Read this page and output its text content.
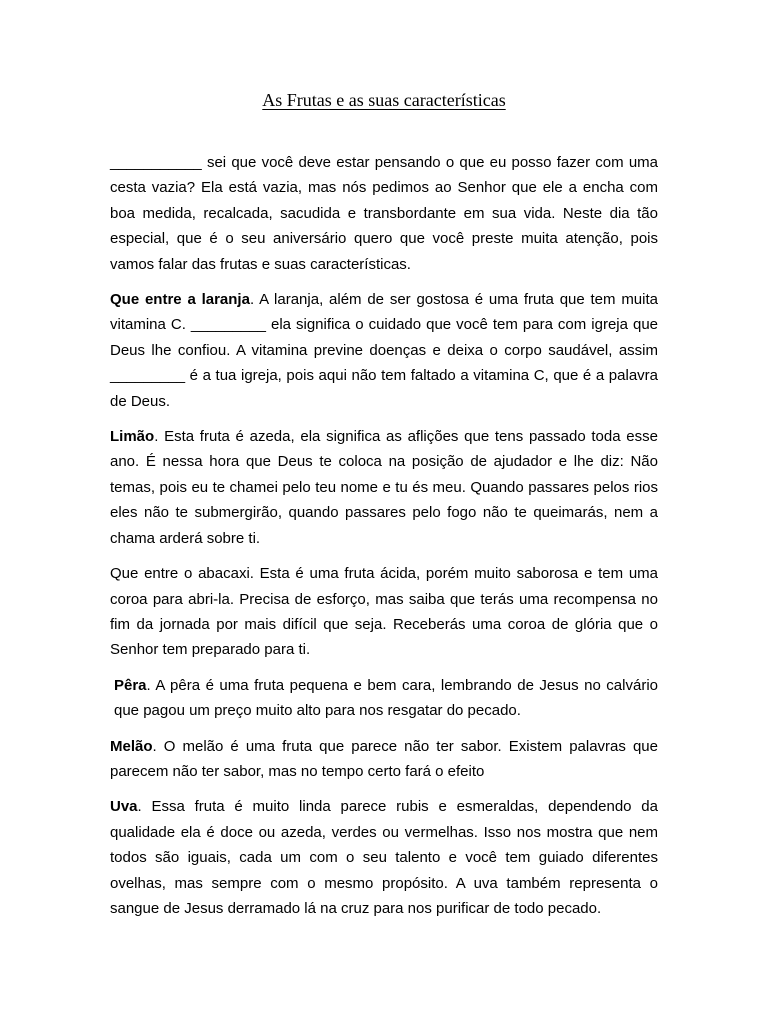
As Frutas e as suas características

___________ sei que você deve estar pensando o que eu posso fazer com uma cesta vazia? Ela está vazia, mas nós pedimos ao Senhor que ele a encha com boa medida, recalcada, sacudida e transbordante em sua vida. Neste dia tão especial, que é o seu aniversário quero que você preste muita atenção, pois vamos falar das frutas e suas características.

Que entre a laranja. A laranja, além de ser gostosa é uma fruta que tem muita vitamina C. _________ ela significa o cuidado que você tem para com igreja que Deus lhe confiou. A vitamina previne doenças e deixa o corpo saudável, assim _________ é a tua igreja, pois aqui não tem faltado a vitamina C, que é a palavra de Deus.

Limão. Esta fruta é azeda, ela significa as aflições que tens passado toda esse ano. É nessa hora que Deus te coloca na posição de ajudador e lhe diz: Não temas, pois eu te chamei pelo teu nome e tu és meu. Quando passares pelos rios eles não te submergirão, quando passares pelo fogo não te queimarás, nem a chama arderá sobre ti.

Que entre o abacaxi. Esta é uma fruta ácida, porém muito saborosa e tem uma coroa para abri-la. Precisa de esforço, mas saiba que terás uma recompensa no fim da jornada por mais difícil que seja. Receberás uma coroa de glória que o Senhor tem preparado para ti.

Pêra. A pêra é uma fruta pequena e bem cara, lembrando de Jesus no calvário que pagou um preço muito alto para nos resgatar do pecado.

Melão. O melão é uma fruta que parece não ter sabor. Existem palavras que parecem não ter sabor, mas no tempo certo fará o efeito

Uva. Essa fruta é muito linda parece rubis e esmeraldas, dependendo da qualidade ela é doce ou azeda, verdes ou vermelhas. Isso nos mostra que nem todos são iguais, cada um com o seu talento e você tem guiado diferentes ovelhas, mas sempre com o mesmo propósito. A uva também representa o sangue de Jesus derramado lá na cruz para nos purificar de todo pecado.
